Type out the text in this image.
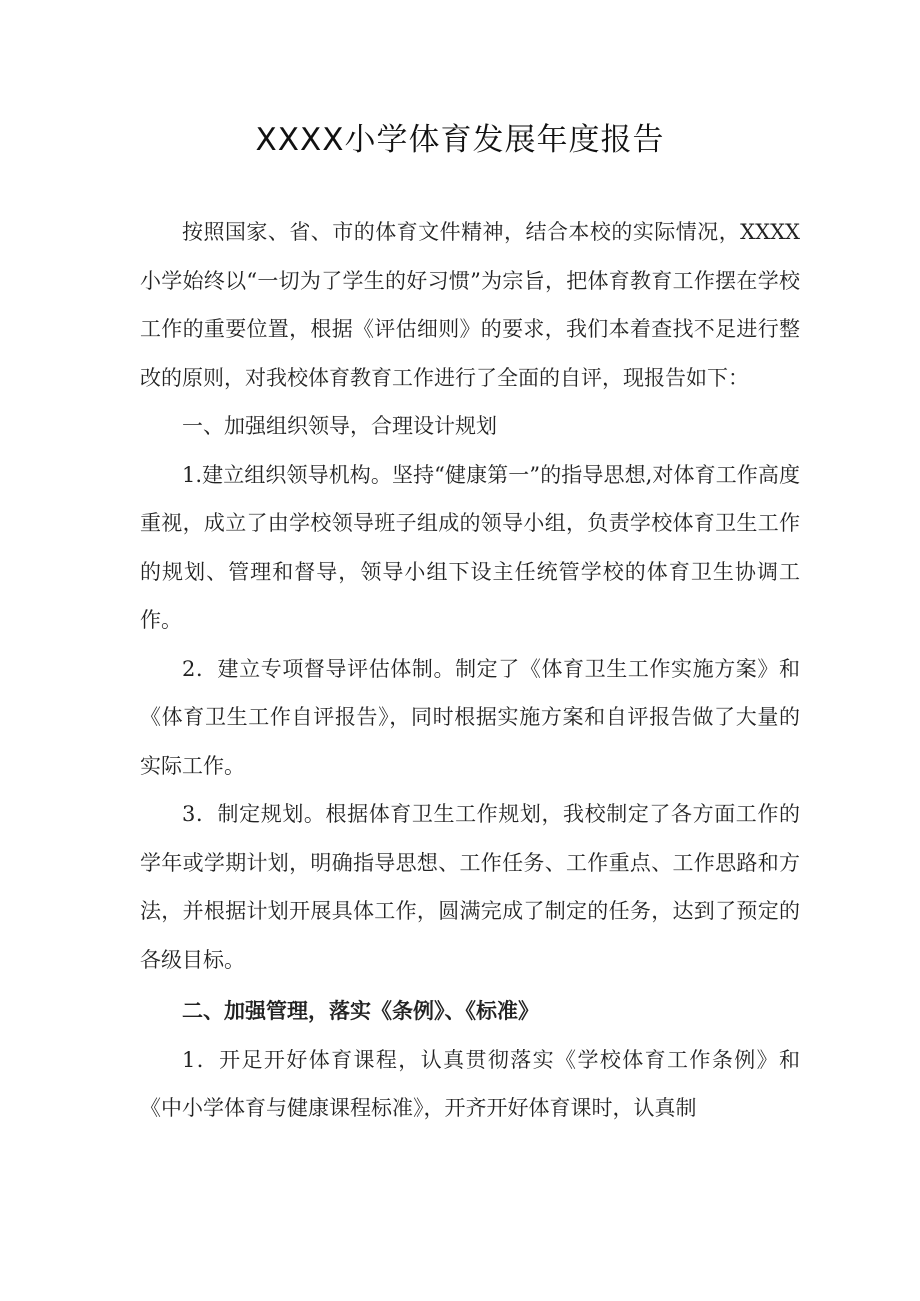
XXXX小学体育发展年度报告

按照国家、省、市的体育文件精神，结合本校的实际情况，XXXX小学始终以“一切为了学生的好习惯”为宗旨，把体育教育工作摆在学校工作的重要位置，根据《评估细则》的要求，我们本着查找不足进行整改的原则，对我校体育教育工作进行了全面的自评，现报告如下：

一、加强组织领导，合理设计规划

1.建立组织领导机构。坚持“健康第一”的指导思想,对体育工作高度重视，成立了由学校领导班子组成的领导小组，负责学校体育卫生工作的规划、管理和督导，领导小组下设主任统管学校的体育卫生协调工作。

2．建立专项督导评估体制。制定了《体育卫生工作实施方案》和《体育卫生工作自评报告》，同时根据实施方案和自评报告做了大量的实际工作。

3．制定规划。根据体育卫生工作规划，我校制定了各方面工作的学年或学期计划，明确指导思想、工作任务、工作重点、工作思路和方法，并根据计划开展具体工作，圆满完成了制定的任务，达到了预定的各级目标。

二、加强管理，落实《条例》、《标准》

1．开足开好体育课程，认真贯彻落实《学校体育工作条例》和《中小学体育与健康课程标准》，开齐开好体育课时，认真制
